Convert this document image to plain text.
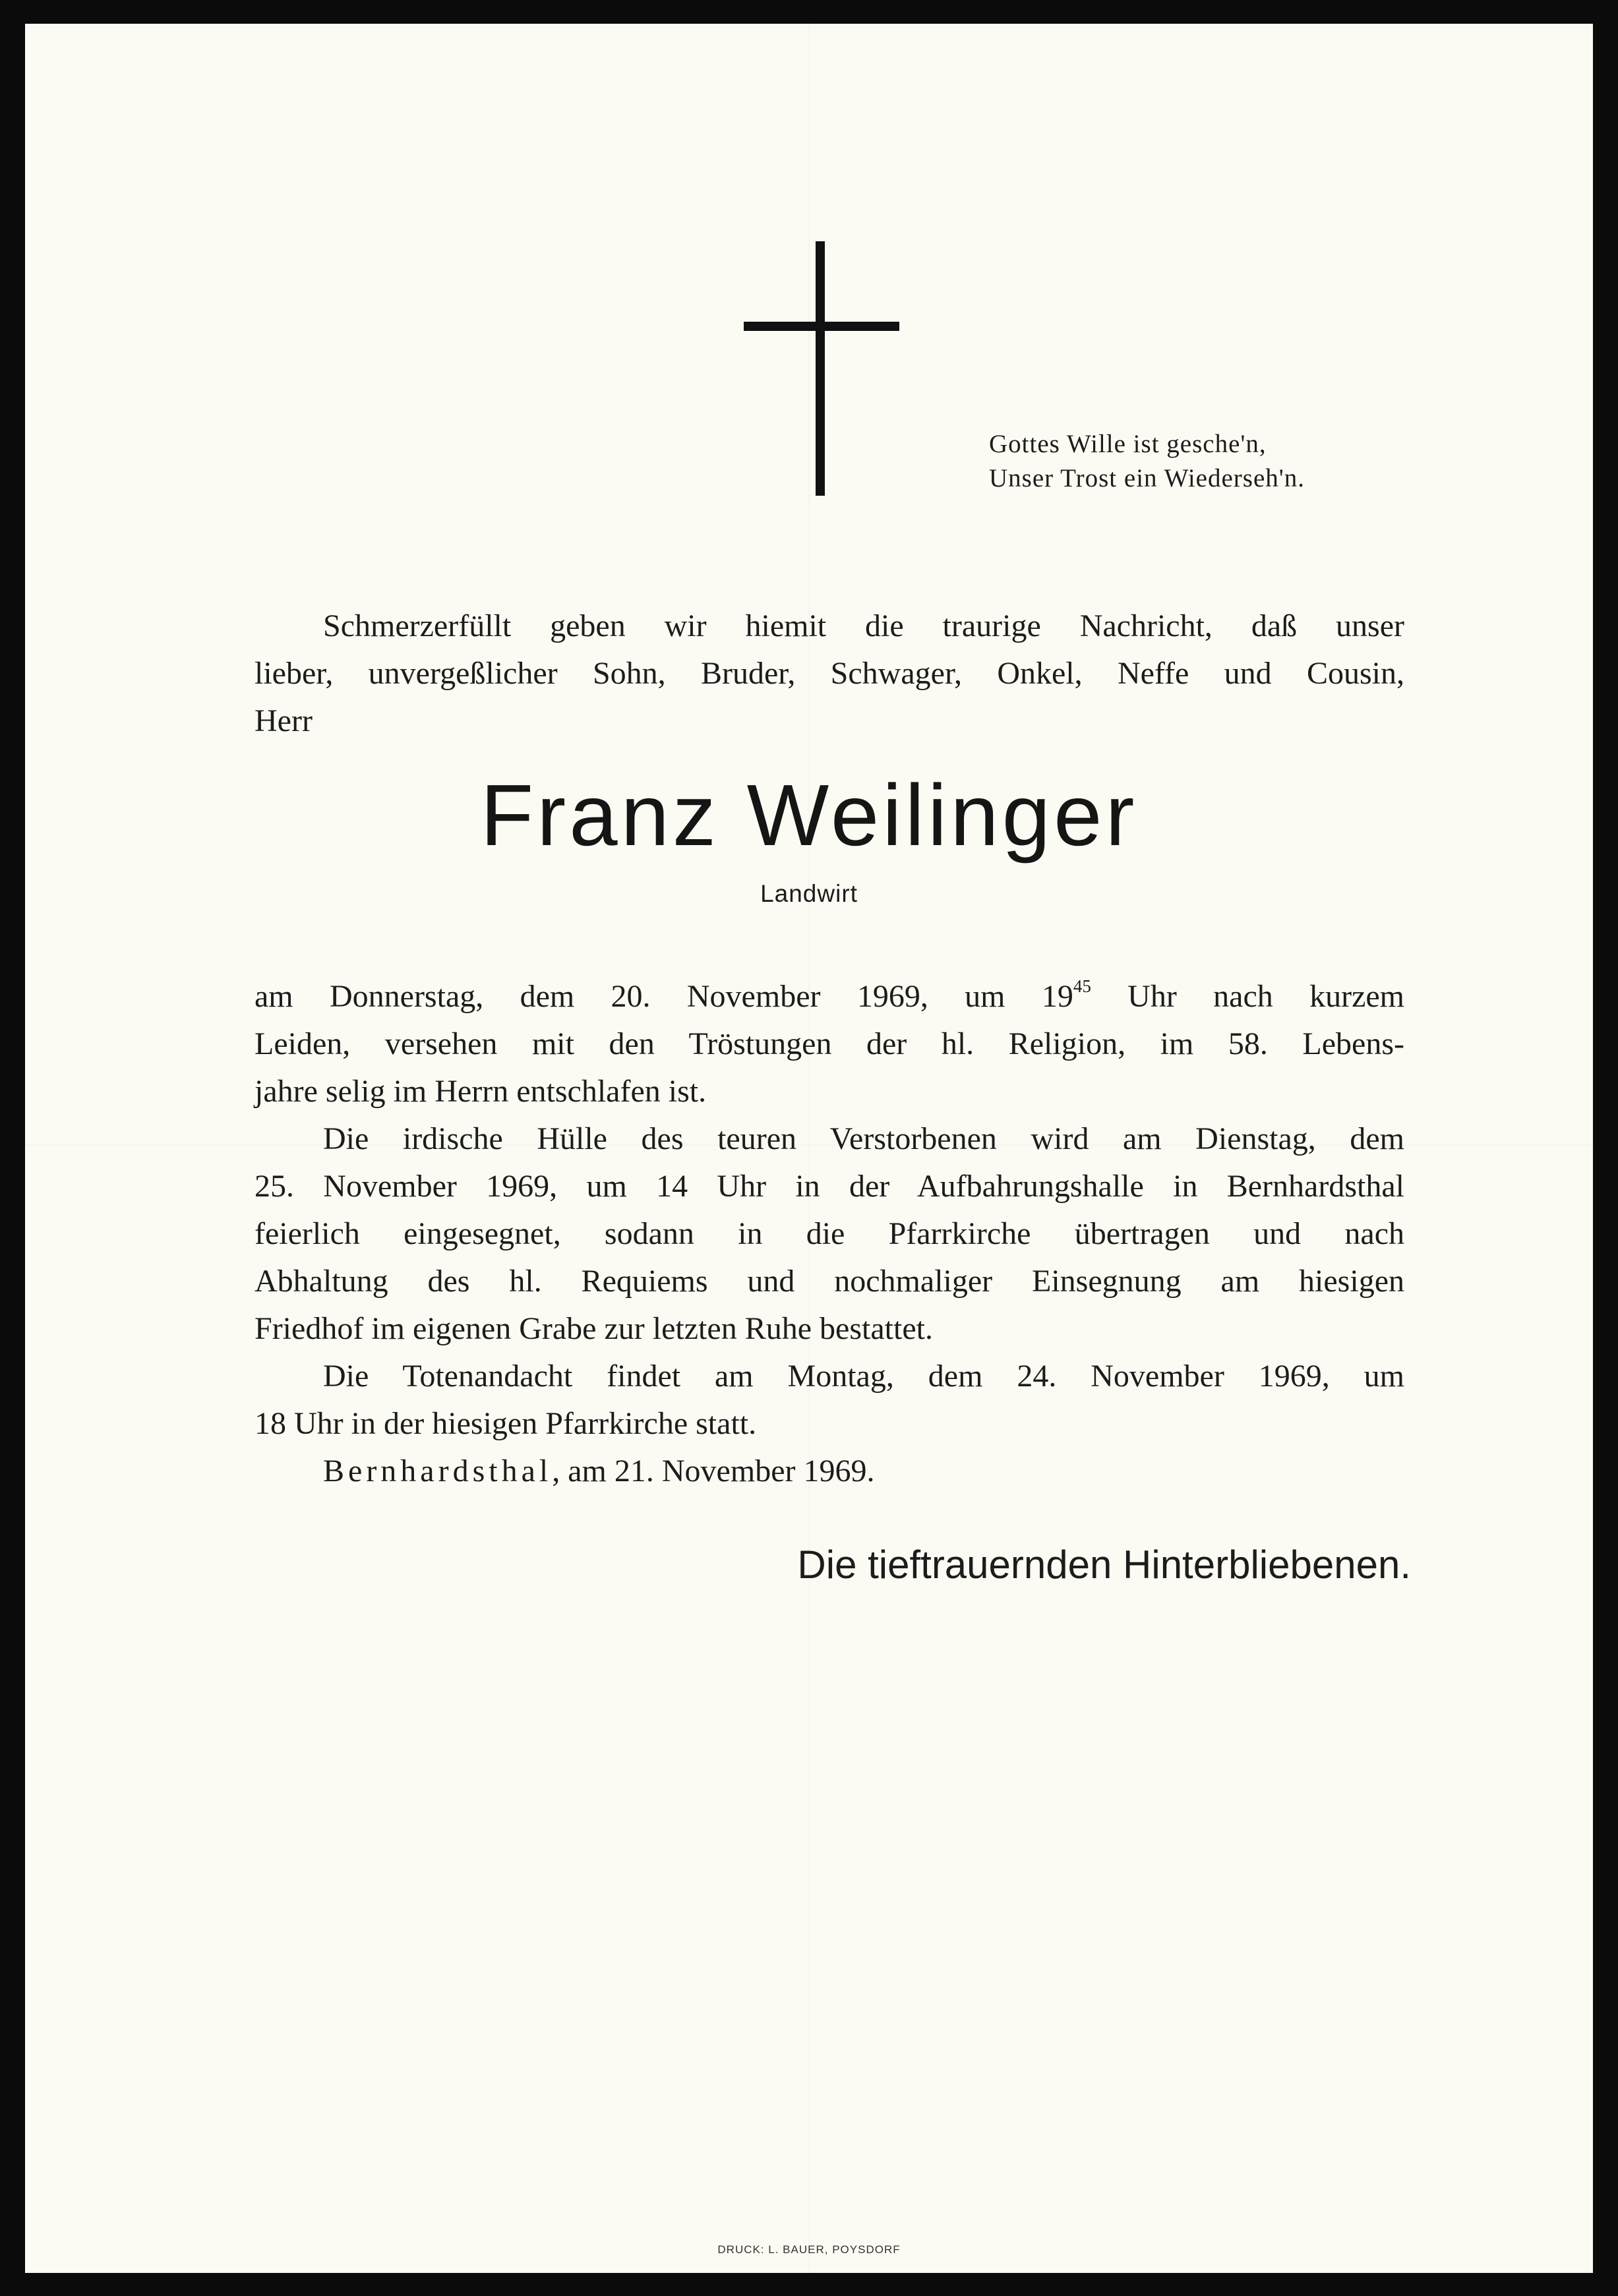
Gottes Wille ist gesche'n,
Unser Trost ein Wiederseh'n.
Schmerzerfüllt geben wir hiemit die traurige Nachricht, daß unser
lieber, unvergeßlicher Sohn, Bruder, Schwager, Onkel, Neffe und Cousin,
Herr
Franz Weilinger
Landwirt
am Donnerstag, dem 20. November 1969, um $19^{45}$ Uhr nach kurzem
Leiden, versehen mit den Tröstungen der hl. Religion, im 58. Lebens-
jahre selig im Herrn entschlafen ist.
Die irdische Hülle des teuren Verstorbenen wird am Dienstag, dem
25. November 1969, um 14 Uhr in der Aufbahrungshalle in Bernhardsthal
feierlich eingesegnet, sodann in die Pfarrkirche übertragen und nach
Abhaltung des hl. Requiems und nochmaliger Einsegnung am hiesigen
Friedhof im eigenen Grabe zur letzten Ruhe bestattet.
Die Totenandacht findet am Montag, dem 24. November 1969, um
18 Uhr in der hiesigen Pfarrkirche statt.
Bernhardsthal, am 21. November 1969.
Die tieftrauernden Hinterbliebenen.
DRUCK: L. BAUER, POYSDORF
